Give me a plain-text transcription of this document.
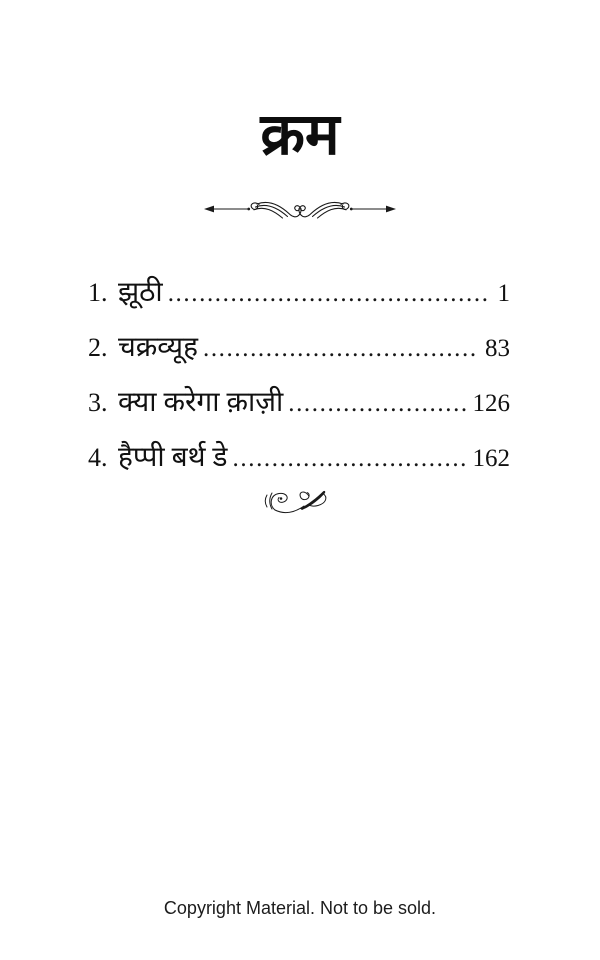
क्रम
1. झूठी .....	1
2. चक्रव्यूह .....	83
3. क्या करेगा क़ाज़ी .....	126
4. हैप्पी बर्थ डे .....	162
Copyright Material. Not to be sold.
